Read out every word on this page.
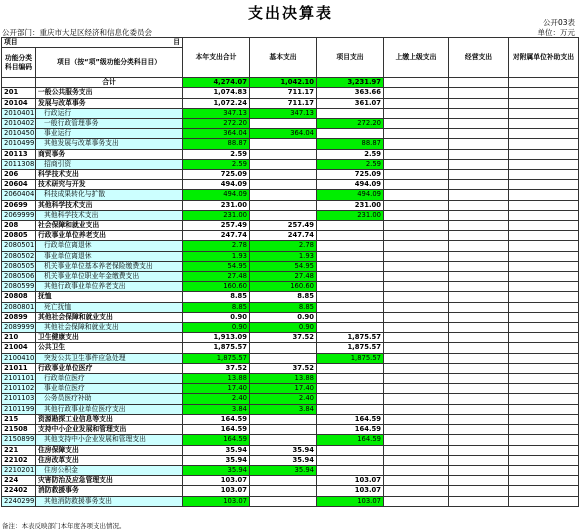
支出决算表
公开03表
公开部门：重庆市大足区经济和信息化委员会	单位：万元
项目 目		本年支出合计	基本支出	项目支出	上缴上级支出	经营支出	对附属单位补助支出
功能分类科目编码	项目（按“项”级功能分类科目目）						
	合计	4,274.07	1,042.10	3,231.97			
201	一般公共服务支出	1,074.83	711.17	363.66			
20104	发展与改革事务	1,072.24	711.17	361.07			
2010401	行政运行	347.13	347.13				
2010402	一般行政管理事务	272.20		272.20			
2010450	事业运行	364.04	364.04				
2010499	其他发展与改革事务支出	88.87		88.87			
20113	商贸事务	2.59		2.59			
2011308	招商引资	2.59		2.59			
206	科学技术支出	725.09		725.09			
20604	技术研究与开发	494.09		494.09			
2060404	科技成果转化与扩散	494.09		494.09			
20699	其他科学技术支出	231.00		231.00			
2069999	其他科学技术支出	231.00		231.00			
208	社会保障和就业支出	257.49	257.49				
20805	行政事业单位养老支出	247.74	247.74				
2080501	行政单位离退休	2.78	2.78				
2080502	事业单位离退休	1.93	1.93				
2080505	机关事业单位基本养老保险缴费支出	54.95	54.95				
2080506	机关事业单位职业年金缴费支出	27.48	27.48				
2080599	其他行政事业单位养老支出	160.60	160.60				
20808	抚恤	8.85	8.85				
2080801	死亡抚恤	8.85	8.85				
20899	其他社会保障和就业支出	0.90	0.90				
2089999	其他社会保障和就业支出	0.90	0.90				
210	卫生健康支出	1,913.09	37.52	1,875.57			
21004	公共卫生	1,875.57		1,875.57			
2100410	突发公共卫生事件应急处理	1,875.57		1,875.57			
21011	行政事业单位医疗	37.52	37.52				
2101101	行政单位医疗	13.88	13.88				
2101102	事业单位医疗	17.40	17.40				
2101103	公务员医疗补助	2.40	2.40				
2101199	其他行政事业单位医疗支出	3.84	3.84				
215	资源勘探工业信息等支出	164.59		164.59			
21508	支持中小企业发展和管理支出	164.59		164.59			
2150899	其他支持中小企业发展和管理支出	164.59		164.59			
221	住房保障支出	35.94	35.94				
22102	住房改革支出	35.94	35.94				
2210201	住房公积金	35.94	35.94				
224	灾害防治及应急管理支出	103.07		103.07			
22402	消防救援事务	103.07		103.07			
2240299	其他消防救援事务支出	103.07		103.07			
备注：本表反映部门本年度各项支出情况。
